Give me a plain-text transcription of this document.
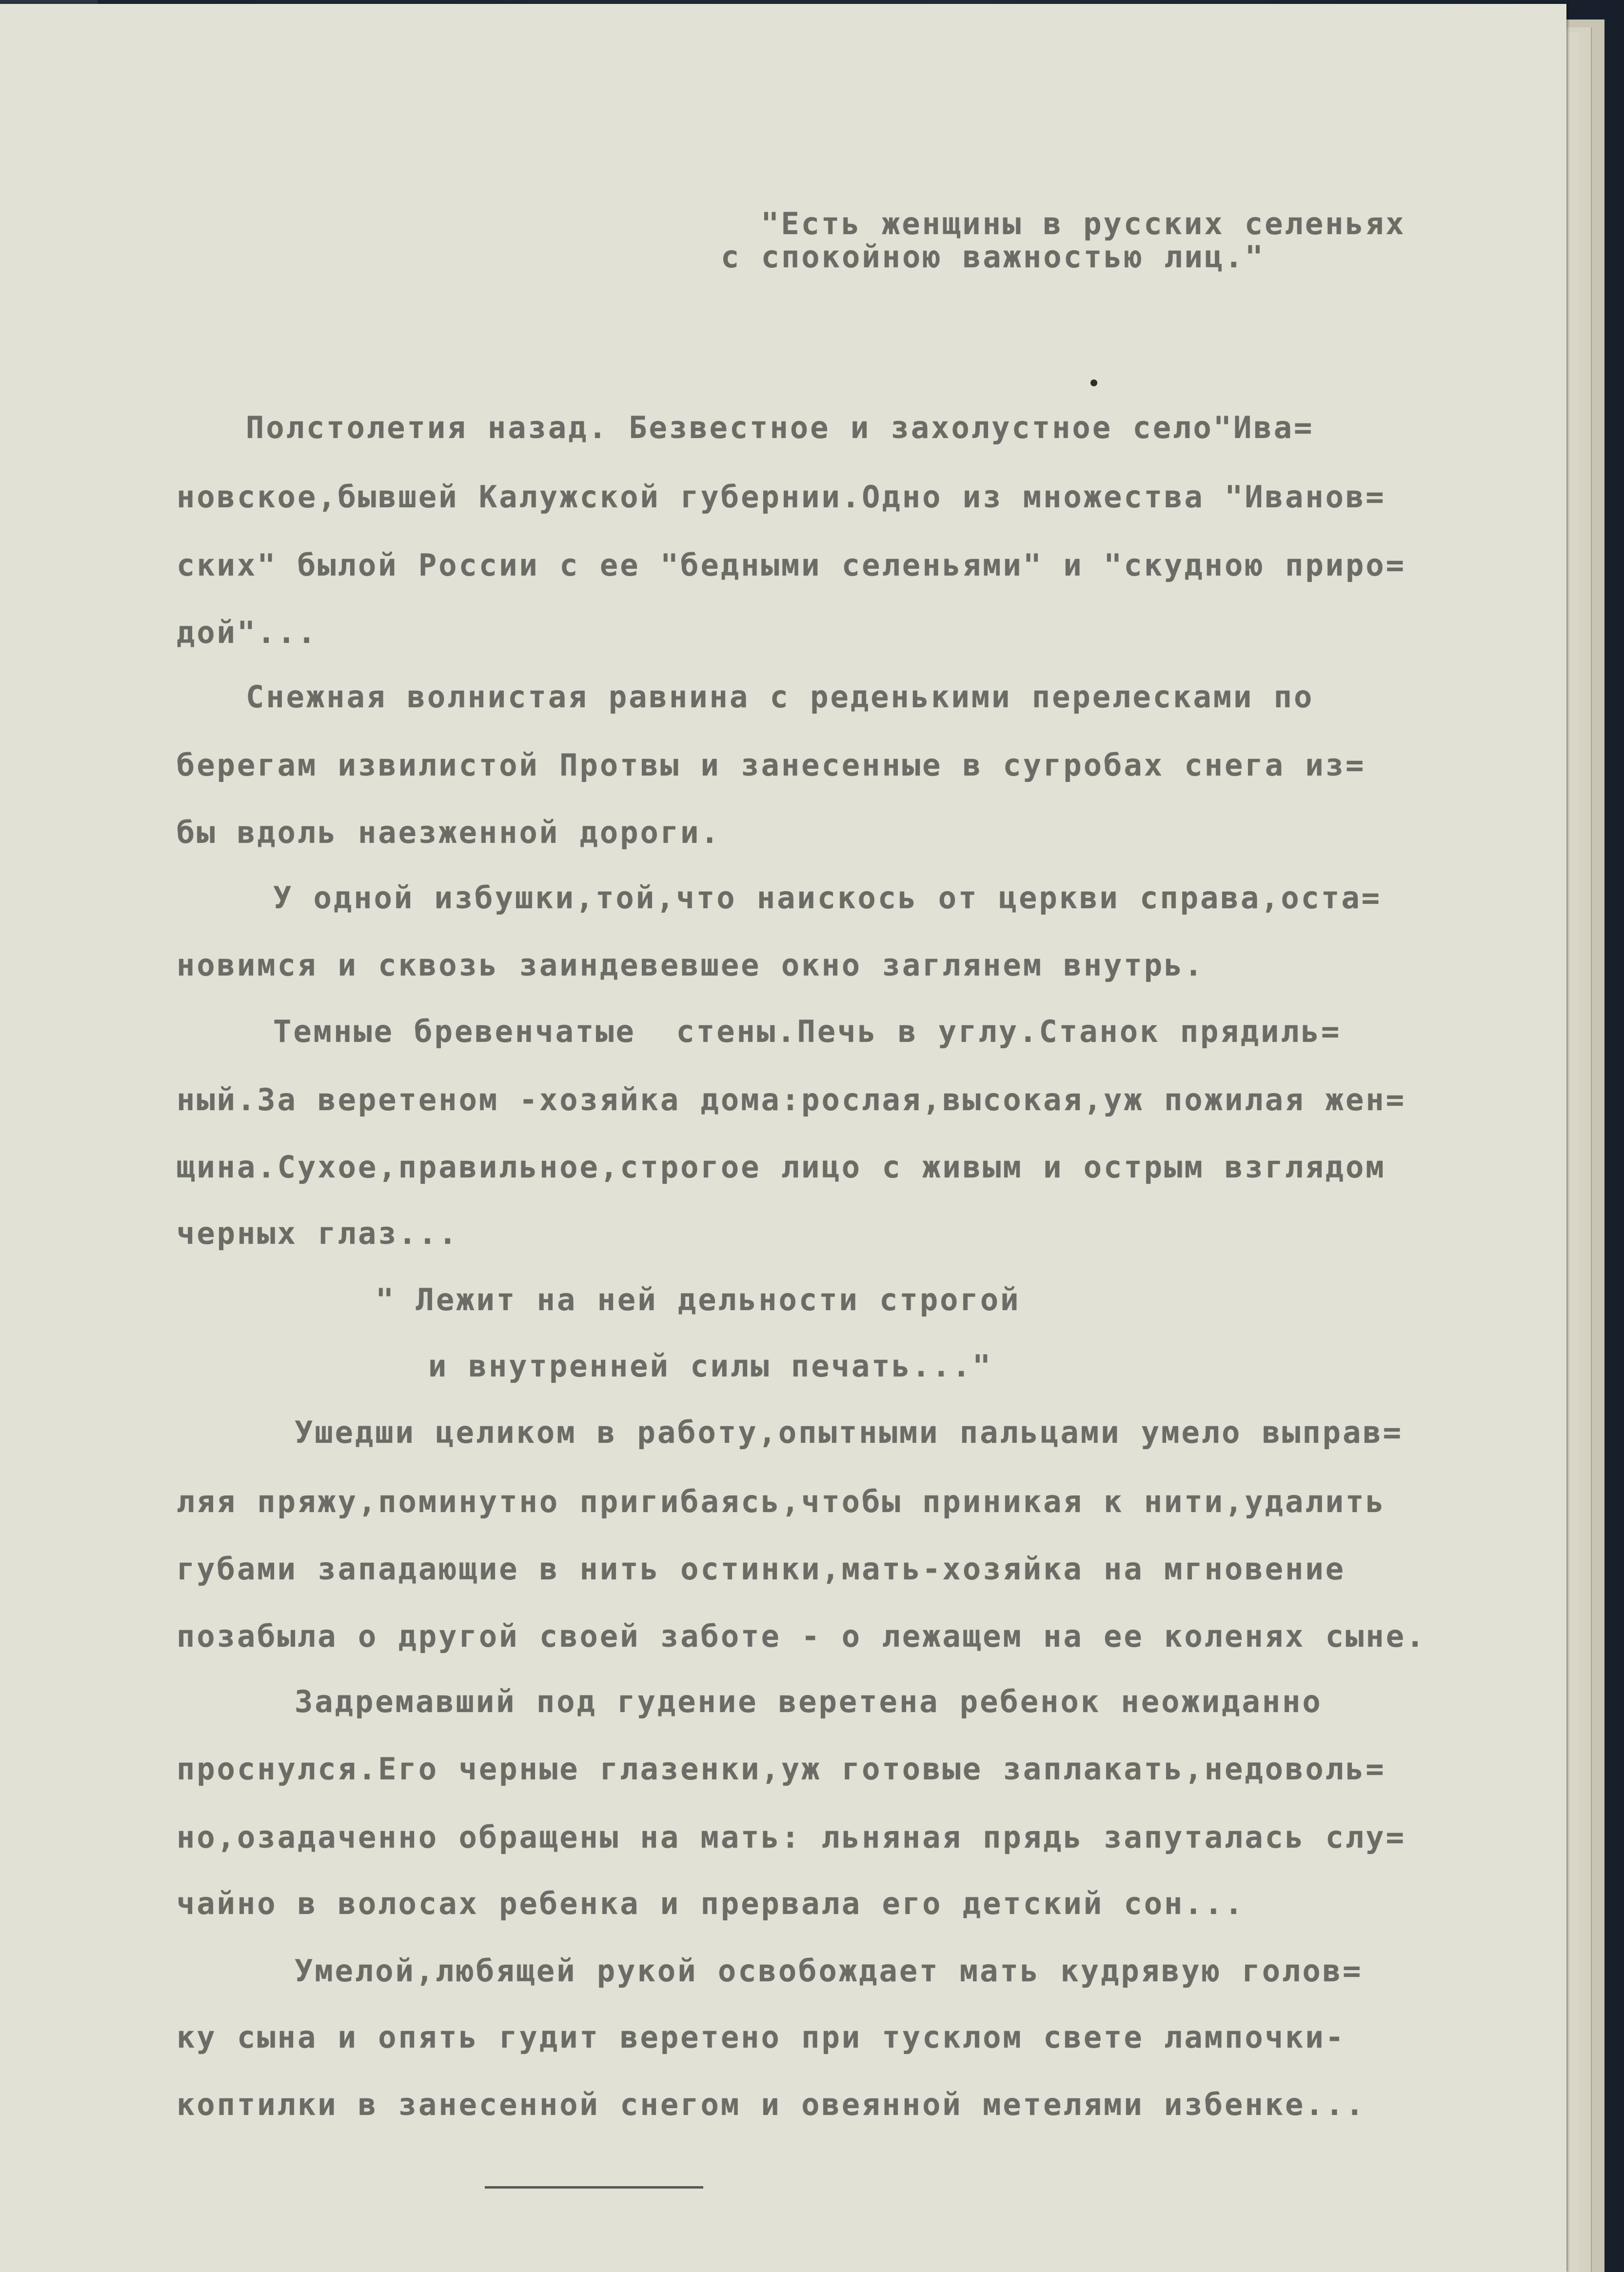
"Есть женщины в русских селеньях
с спокойною важностью лиц."
Полстолетия назад. Безвестное и захолустное село"Ива=
новское,бывшей Калужской губернии.Одно из множества "Иванов=
ских" былой России с ее "бедными селеньями" и "скудною приро=
дой"...
Снежная волнистая равнина с реденькими перелесками по
берегам извилистой Протвы и занесенные в сугробах снега из=
бы вдоль наезженной дороги.
У одной избушки,той,что наискось от церкви справа,оста=
новимся и сквозь заиндевевшее окно заглянем внутрь.
Темные бревенчатые  стены.Печь в углу.Станок прядиль=
ный.За веретеном -хозяйка дома:рослая,высокая,уж пожилая жен=
щина.Сухое,правильное,строгое лицо с живым и острым взглядом
черных глаз...
" Лежит на ней дельности строгой
и внутренней силы печать..."
Ушедши целиком в работу,опытными пальцами умело выправ=
ляя пряжу,поминутно пригибаясь,чтобы приникая к нити,удалить
губами западающие в нить остинки,мать-хозяйка на мгновение
позабыла о другой своей заботе - о лежащем на ее коленях сыне.
Задремавший под гудение веретена ребенок неожиданно
проснулся.Его черные глазенки,уж готовые заплакать,недоволь=
но,озадаченно обращены на мать: льняная прядь запуталась слу=
чайно в волосах ребенка и прервала его детский сон...
Умелой,любящей рукой освобождает мать кудрявую голов=
ку сына и опять гудит веретено при тусклом свете лампочки-
коптилки в занесенной снегом и овеянной метелями избенке...
